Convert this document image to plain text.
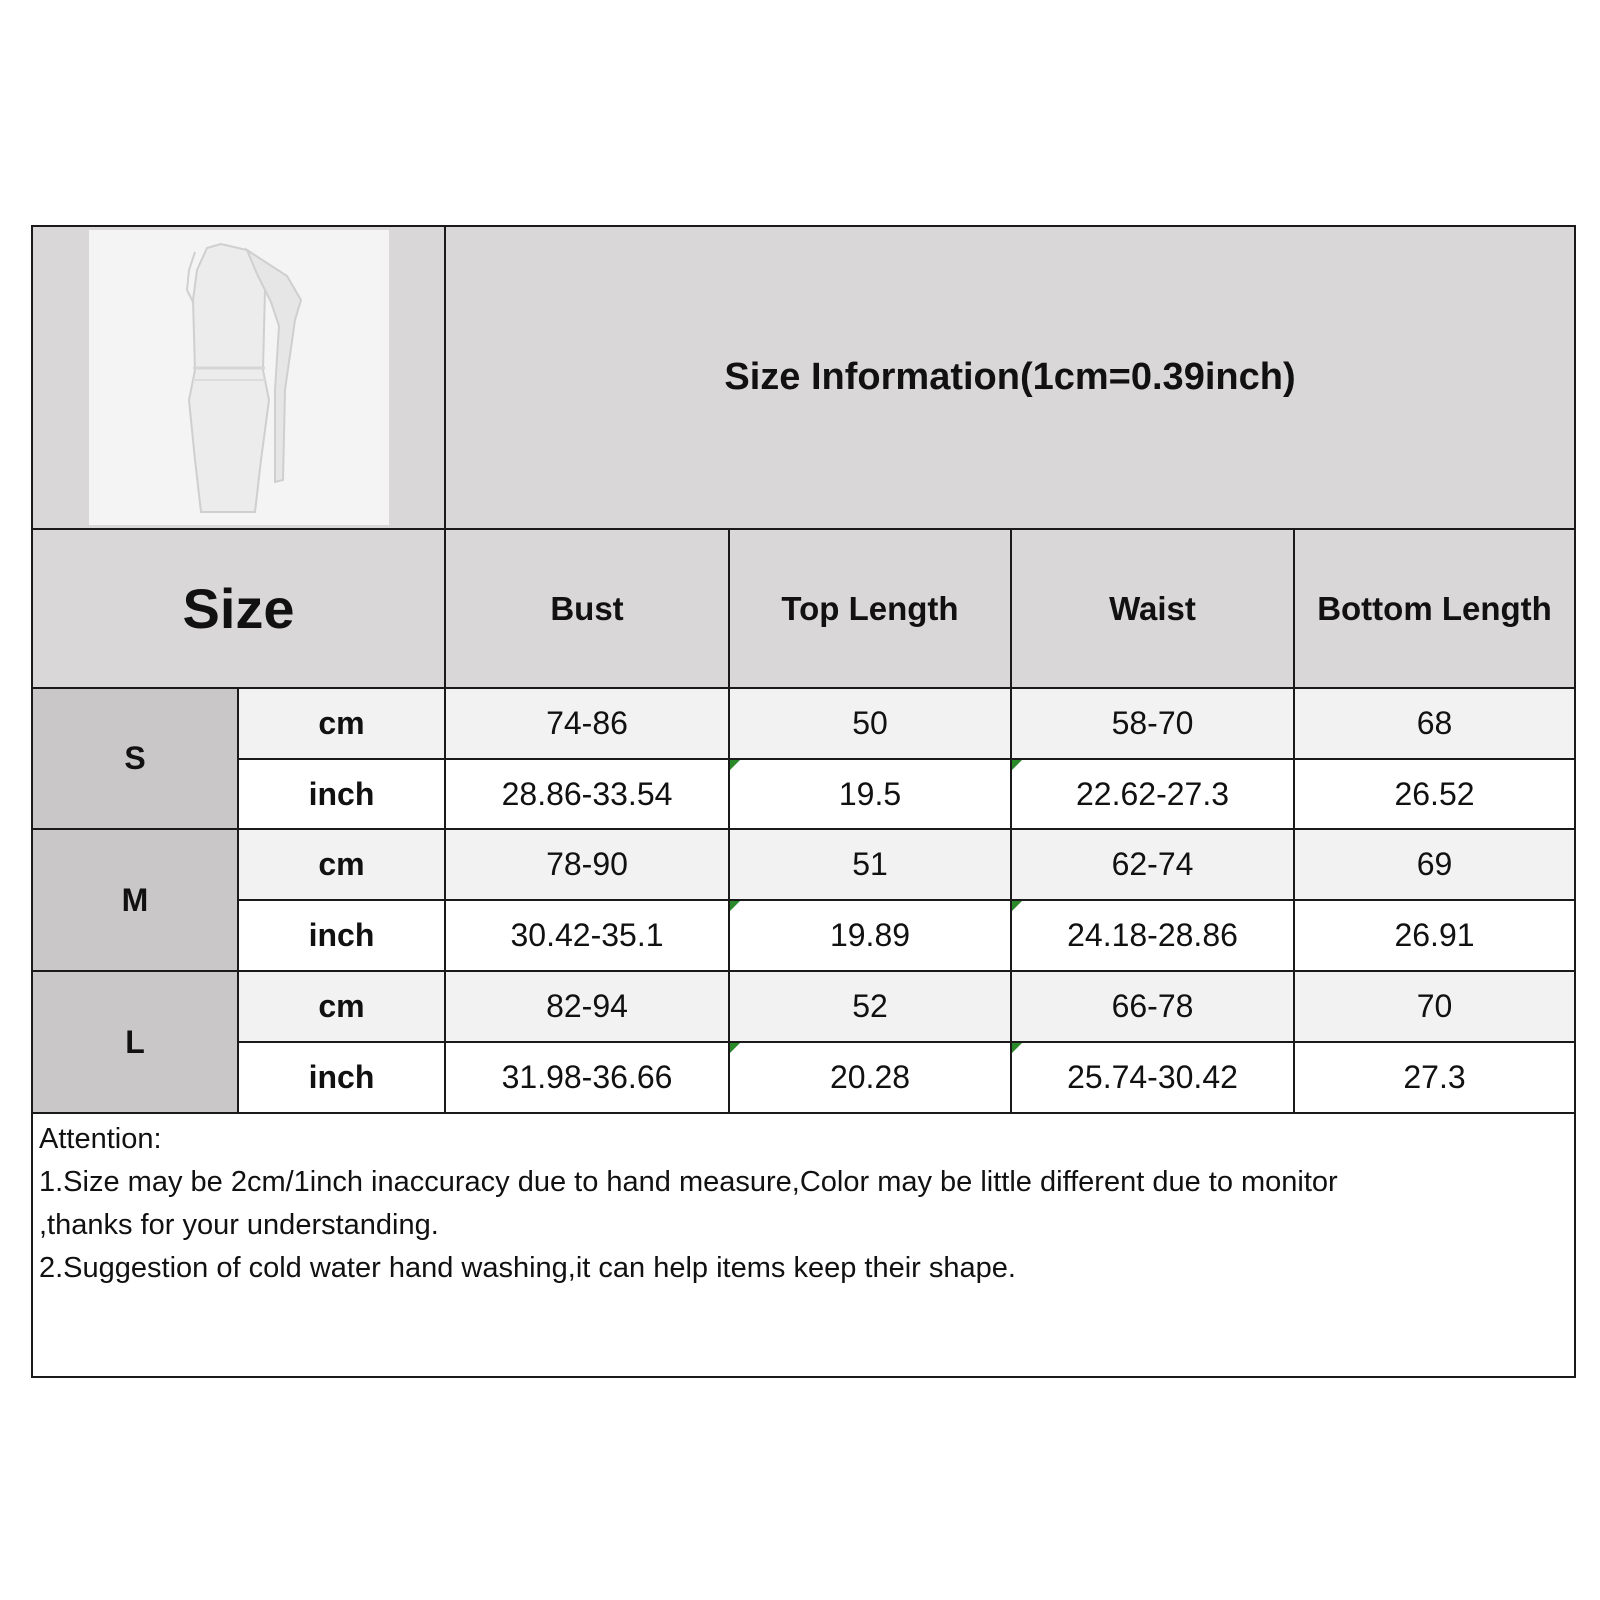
Size Information(1cm=0.39inch)
Size	Bust	Top Length	Waist	Bottom Length
S
cm	74-86	50	58-70	68
inch	28.86-33.54	19.5	22.62-27.3	26.52
M
cm	78-90	51	62-74	69
inch	30.42-35.1	19.89	24.18-28.86	26.91
L
cm	82-94	52	66-78	70
inch	31.98-36.66	20.28	25.74-30.42	27.3
Attention:
1.Size may be 2cm/1inch inaccuracy due to hand measure,Color may be little different due to monitor
,thanks for your understanding.
2.Suggestion of cold water hand washing,it can help items keep their shape.
